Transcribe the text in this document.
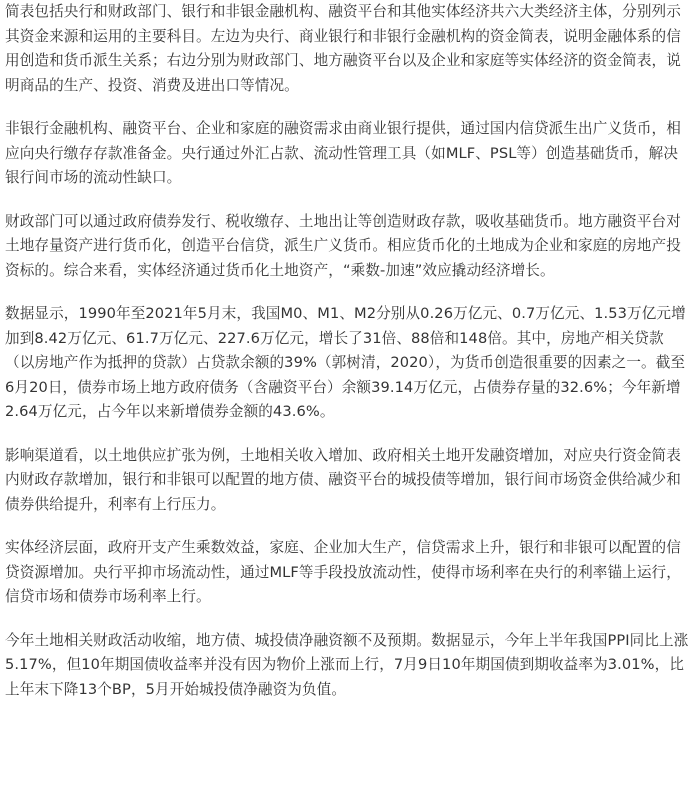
简表包括央行和财政部门、银行和非银金融机构、融资平台和其他实体经济共六大类经济主体，分别列示其资金来源和运用的主要科目。左边为央行、商业银行和非银行金融机构的资金简表，说明金融体系的信用创造和货币派生关系；右边分别为财政部门、地方融资平台以及企业和家庭等实体经济的资金简表，说明商品的生产、投资、消费及进出口等情况。

非银行金融机构、融资平台、企业和家庭的融资需求由商业银行提供，通过国内信贷派生出广义货币，相应向央行缴存存款准备金。央行通过外汇占款、流动性管理工具（如MLF、PSL等）创造基础货币，解决银行间市场的流动性缺口。

财政部门可以通过政府债券发行、税收缴存、土地出让等创造财政存款，吸收基础货币。地方融资平台对土地存量资产进行货币化，创造平台信贷，派生广义货币。相应货币化的土地成为企业和家庭的房地产投资标的。综合来看，实体经济通过货币化土地资产，“乘数-加速”效应撬动经济增长。

数据显示，1990年至2021年5月末，我国M0、M1、M2分别从0.26万亿元、0.7万亿元、1.53万亿元增加到8.42万亿元、61.7万亿元、227.6万亿元，增长了31倍、88倍和148倍。其中，房地产相关贷款（以房地产作为抵押的贷款）占贷款余额的39%（郭树清，2020），为货币创造很重要的因素之一。截至6月20日，债券市场上地方政府债务（含融资平台）余额39.14万亿元，占债券存量的32.6%；今年新增2.64万亿元，占今年以来新增债券金额的43.6%。

影响渠道看，以土地供应扩张为例，土地相关收入增加、政府相关土地开发融资增加，对应央行资金简表内财政存款增加，银行和非银可以配置的地方债、融资平台的城投债等增加，银行间市场资金供给减少和债券供给提升，利率有上行压力。

实体经济层面，政府开支产生乘数效益，家庭、企业加大生产，信贷需求上升，银行和非银可以配置的信贷资源增加。央行平抑市场流动性，通过MLF等手段投放流动性，使得市场利率在央行的利率锚上运行，信贷市场和债券市场利率上行。

今年土地相关财政活动收缩，地方债、城投债净融资额不及预期。数据显示，今年上半年我国PPI同比上涨5.17%，但10年期国债收益率并没有因为物价上涨而上行，7月9日10年期国债到期收益率为3.01%，比上年末下降13个BP，5月开始城投债净融资为负值。
